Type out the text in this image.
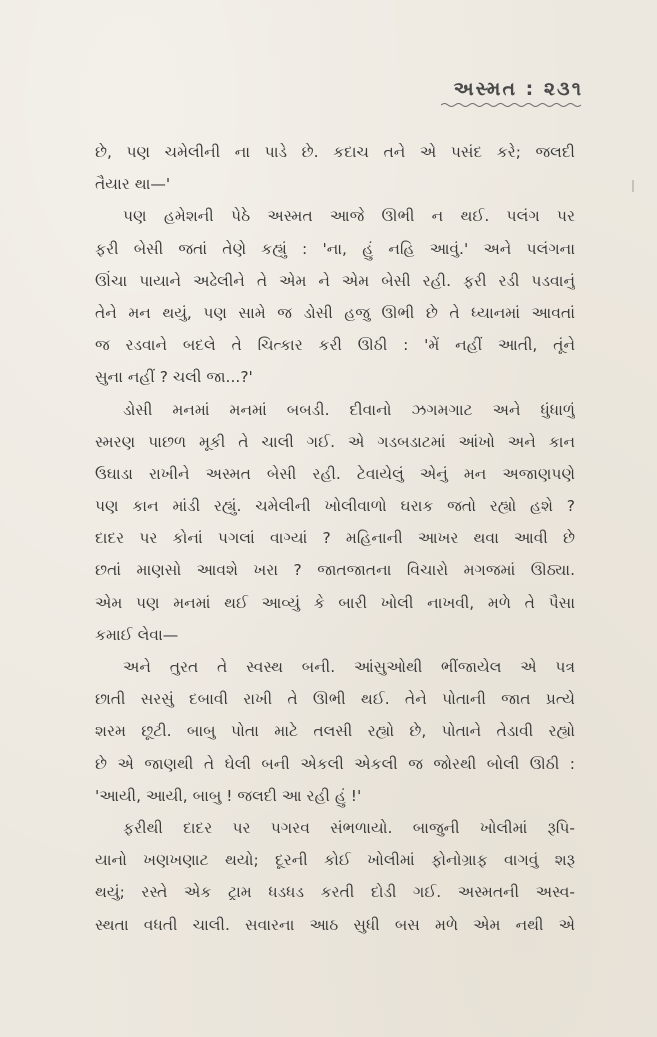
અસ્મત : ૨૩૧
છે, પણ ચમેલીની ના પાડે છે. કદાચ તને એ પસંદ કરે; જલદી
તૈયાર થા—'
પણ હમેશની પેઠે અસ્મત આજે ઊભી ન થઈ. પલંગ પર
ફરી બેસી જતાં તેણે કહ્યું : 'ના, હું નહિ આવું.' અને પલંગના
ઊંચા પાયાને અઢેલીને તે એમ ને એમ બેસી રહી. ફરી રડી પડવાનું
તેને મન થયું, પણ સામે જ ડોસી હજુ ઊભી છે તે ધ્યાનમાં આવતાં
જ રડવાને બદલે તે ચિત્કાર કરી ઊઠી : 'મેં નહીં આતી, તૂંને
સુના નહીં ? ચલી જા...?'
ડોસી મનમાં મનમાં બબડી. દીવાનો ઝગમગાટ અને ધુંધાળું
સ્મરણ પાછળ મૂકી તે ચાલી ગઈ. એ ગડબડાટમાં આંખો અને કાન
ઉઘાડા રાખીને અસ્મત બેસી રહી. ટેવાયેલું એનું મન અજાણપણે
પણ કાન માંડી રહ્યું. ચમેલીની ખોલીવાળો ઘરાક જતો રહ્યો હશે ?
દાદર પર કોનાં પગલાં વાગ્યાં ? મહિનાની આખર થવા આવી છે
છતાં માણસો આવશે ખરા ? જાતજાતના વિચારો મગજમાં ઊઠ્યા.
એમ પણ મનમાં થઈ આવ્યું કે બારી ખોલી નાખવી, મળે તે પૈસા
કમાઈ લેવા—
અને તુરત તે સ્વસ્થ બની. આંસુઓથી ભીંજાયેલ એ પત્ર
છાતી સરસું દબાવી રાખી તે ઊભી થઈ. તેને પોતાની જાત પ્રત્યે
શરમ છૂટી. બાબુ પોતા માટે તલસી રહ્યો છે, પોતાને તેડાવી રહ્યો
છે એ જાણથી તે ઘેલી બની એકલી એકલી જ જોરથી બોલી ઊઠી :
'આયી, આયી, બાબુ ! જલદી આ રહી હું !'
ફરીથી દાદર પર પગરવ સંભળાયો. બાજુની ખોલીમાં રૂપિ-
યાનો ખણખણાટ થયો; દૂરની કોઈ ખોલીમાં ફોનોગ્રાફ વાગવું શરૂ
થયું; રસ્તે એક ટ્રામ ધડધડ કરતી દોડી ગઈ. અસ્મતની અસ્વ-
સ્થતા વધતી ચાલી. સવારના આઠ સુધી બસ મળે એમ નથી એ
